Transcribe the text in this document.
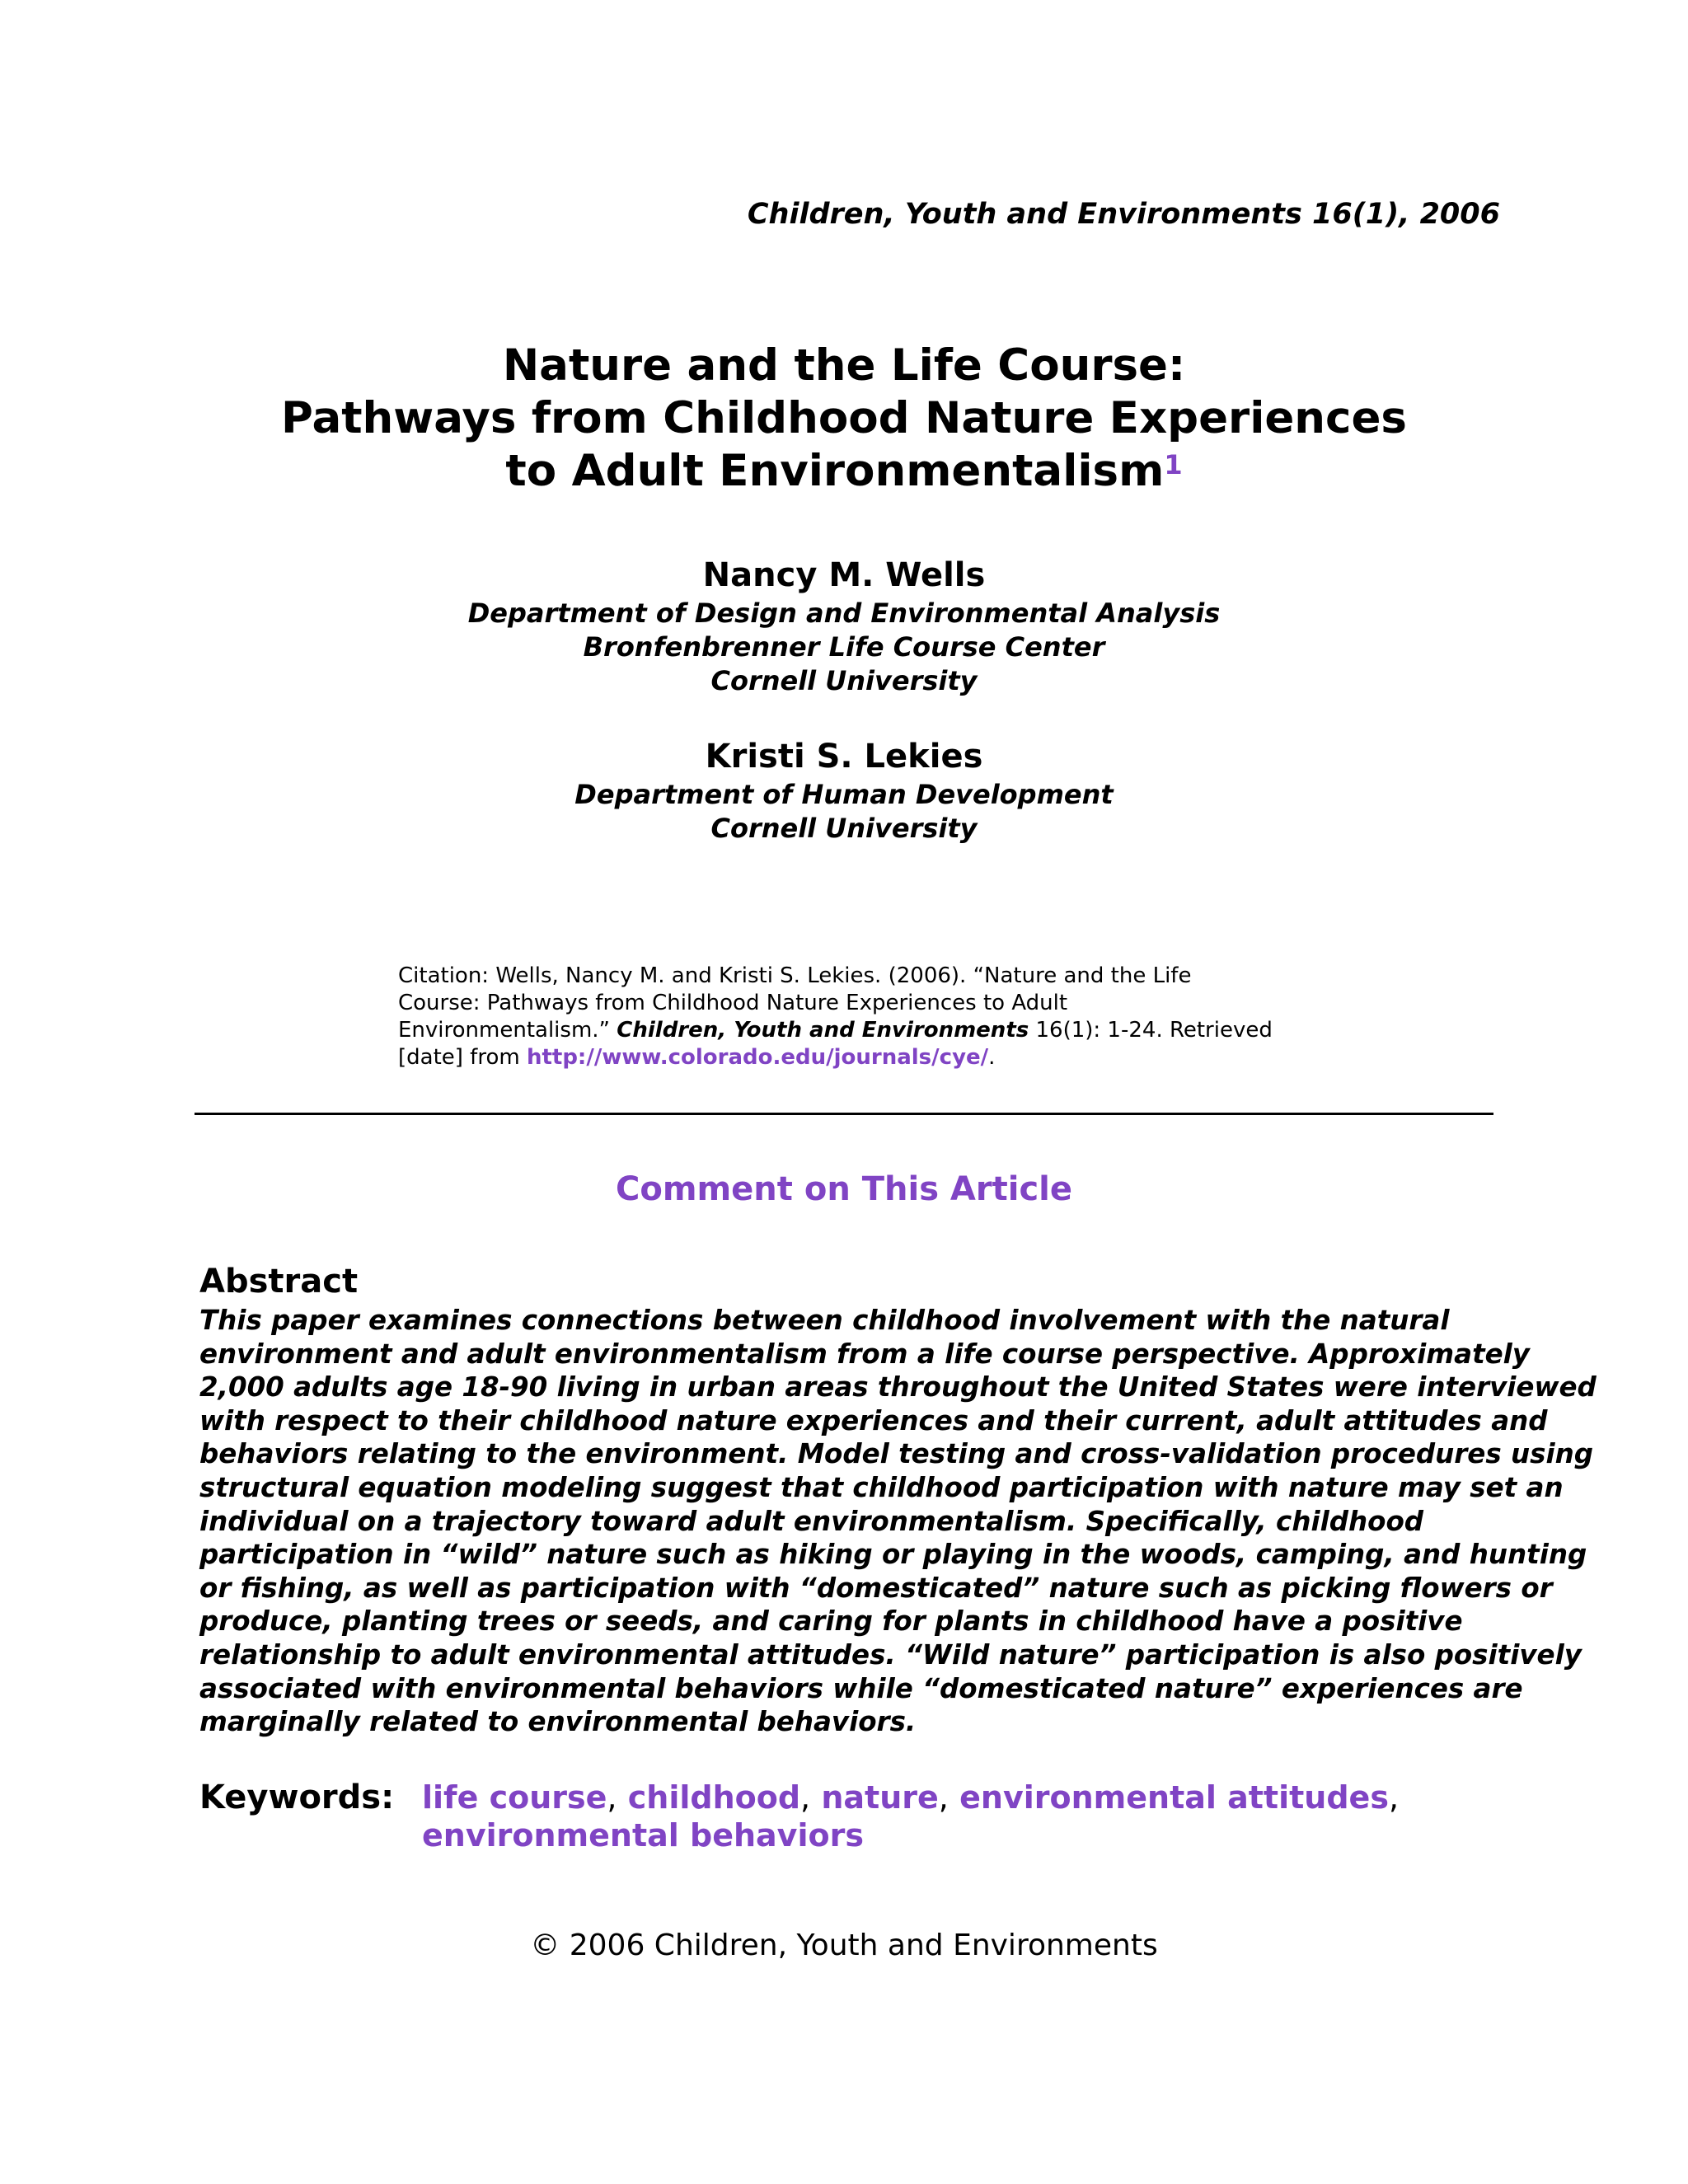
Children, Youth and Environments 16(1), 2006
Nature and the Life Course:
Pathways from Childhood Nature Experiences
to Adult Environmentalism$^1$
Nancy M. Wells
Department of Design and Environmental Analysis
Bronfenbrenner Life Course Center
Cornell University
Kristi S. Lekies
Department of Human Development
Cornell University
Citation: Wells, Nancy M. and Kristi S. Lekies. (2006). “Nature and the Life
Course: Pathways from Childhood Nature Experiences to Adult
Environmentalism.” Children, Youth and Environments 16(1): 1-24. Retrieved
[date] from http://www.colorado.edu/journals/cye/.
Comment on This Article
Abstract
This paper examines connections between childhood involvement with the natural
environment and adult environmentalism from a life course perspective. Approximately
2,000 adults age 18-90 living in urban areas throughout the United States were interviewed
with respect to their childhood nature experiences and their current, adult attitudes and
behaviors relating to the environment. Model testing and cross-validation procedures using
structural equation modeling suggest that childhood participation with nature may set an
individual on a trajectory toward adult environmentalism. Specifically, childhood
participation in “wild” nature such as hiking or playing in the woods, camping, and hunting
or fishing, as well as participation with “domesticated” nature such as picking flowers or
produce, planting trees or seeds, and caring for plants in childhood have a positive
relationship to adult environmental attitudes. “Wild nature” participation is also positively
associated with environmental behaviors while “domesticated nature” experiences are
marginally related to environmental behaviors.
Keywords: life course, childhood, nature, environmental attitudes,
environmental behaviors
© 2006 Children, Youth and Environments
